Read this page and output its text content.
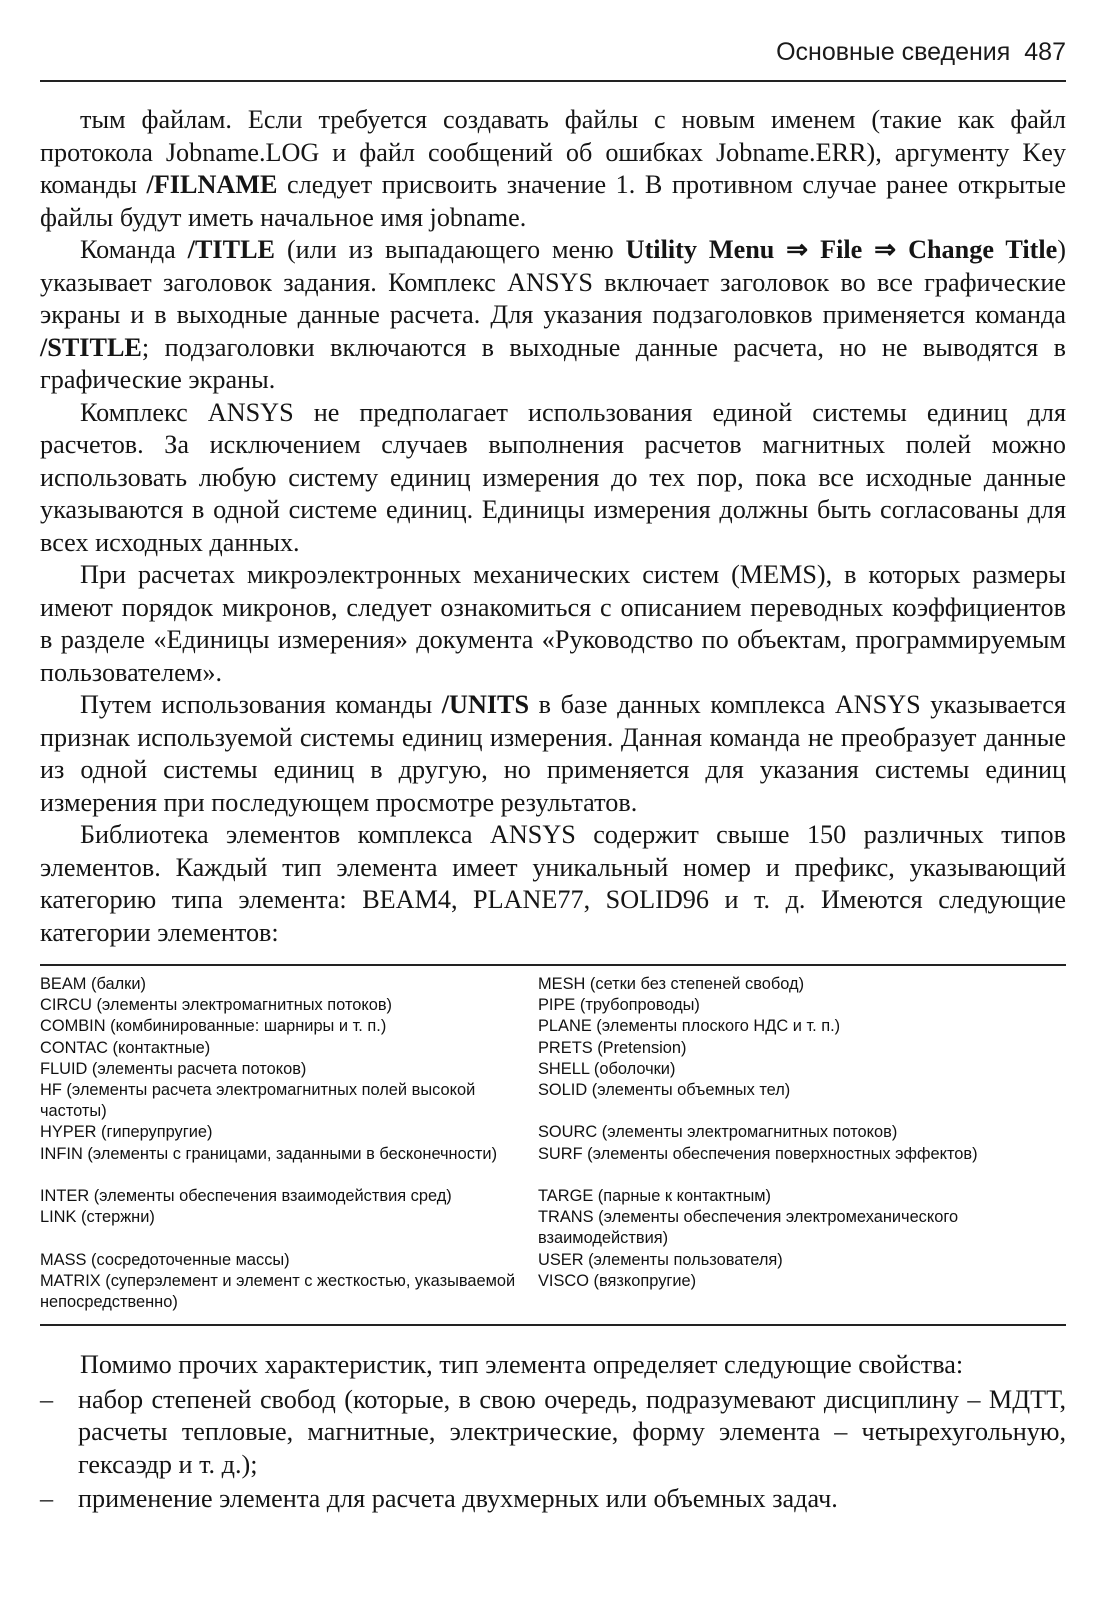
Основные сведения 487

тым файлам. Если требуется создавать файлы с новым именем (такие как файл протокола Jobname.LOG и файл сообщений об ошибках Jobname.ERR), аргументу Key команды /FILNAME следует присвоить значение 1. В противном случае ранее открытые файлы будут иметь начальное имя jobname.

Команда /TITLE (или из выпадающего меню Utility Menu ⇒ File ⇒ Change Title) указывает заголовок задания. Комплекс ANSYS включает заголовок во все графические экраны и в выходные данные расчета. Для указания подзаголовков применяется команда /STITLE; подзаголовки включаются в выходные данные расчета, но не выводятся в графические экраны.

Комплекс ANSYS не предполагает использования единой системы единиц для расчетов. За исключением случаев выполнения расчетов магнитных полей можно использовать любую систему единиц измерения до тех пор, пока все исходные данные указываются в одной системе единиц. Единицы измерения должны быть согласованы для всех исходных данных.

При расчетах микроэлектронных механических систем (MEMS), в которых размеры имеют порядок микронов, следует ознакомиться с описанием переводных коэффициентов в разделе «Единицы измерения» документа «Руководство по объектам, программируемым пользователем».

Путем использования команды /UNITS в базе данных комплекса ANSYS указывается признак используемой системы единиц измерения. Данная команда не преобразует данные из одной системы единиц в другую, но применяется для указания системы единиц измерения при последующем просмотре результатов.

Библиотека элементов комплекса ANSYS содержит свыше 150 различных типов элементов. Каждый тип элемента имеет уникальный номер и префикс, указывающий категорию типа элемента: BEAM4, PLANE77, SOLID96 и т. д. Имеются следующие категории элементов:

BEAM (балки)
CIRCU (элементы электромагнитных потоков)
COMBIN (комбинированные: шарниры и т. п.)
CONTAC (контактные)
FLUID (элементы расчета потоков)
HF (элементы расчета электромагнитных полей высокой частоты)
HYPER (гиперупругие)
INFIN (элементы с границами, заданными в бесконечности)
INTER (элементы обеспечения взаимодействия сред)
LINK (стержни)
MASS (сосредоточенные массы)
MATRIX (суперэлемент и элемент с жесткостью, указываемой непосредственно)
MESH (сетки без степеней свобод)
PIPE (трубопроводы)
PLANE (элементы плоского НДС и т. п.)
PRETS (Pretension)
SHELL (оболочки)
SOLID (элементы объемных тел)
SOURC (элементы электромагнитных потоков)
SURF (элементы обеспечения поверхностных эффектов)
TARGE (парные к контактным)
TRANS (элементы обеспечения электромеханического взаимодействия)
USER (элементы пользователя)
VISCO (вязкопругие)

Помимо прочих характеристик, тип элемента определяет следующие свойства:

– набор степеней свобод (которые, в свою очередь, подразумевают дисциплину – МДТТ, расчеты тепловые, магнитные, электрические, форму элемента – четырехугольную, гексаэдр и т. д.);
– применение элемента для расчета двухмерных или объемных задач.
